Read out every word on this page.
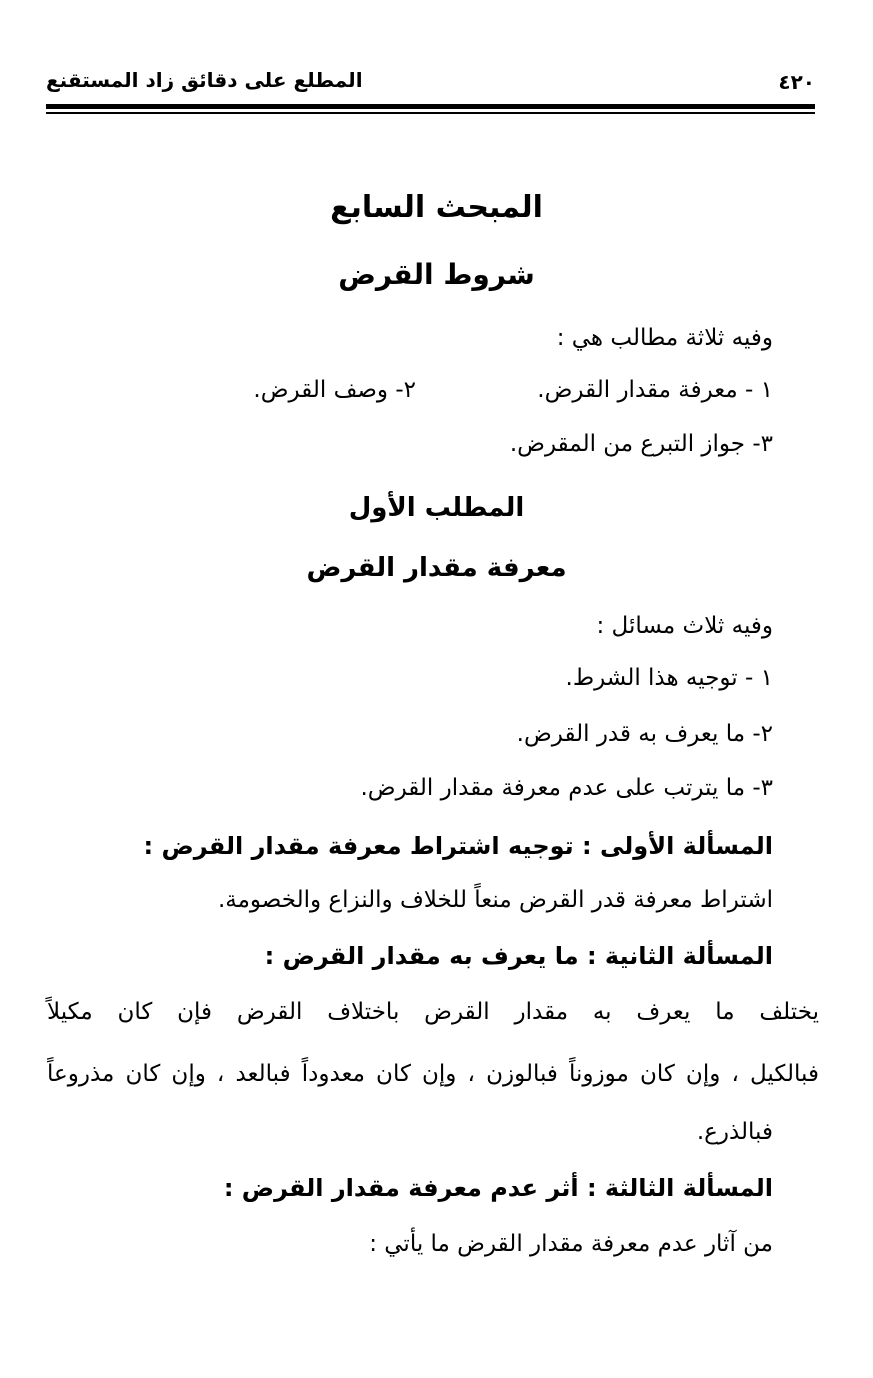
٤٢٠
المطلع على دقائق زاد المستقنع
المبحث السابع
شروط القرض
وفيه ثلاثة مطالب هي :
١ - معرفة مقدار القرض.
٢- وصف القرض.
٣- جواز التبرع من المقرض.
المطلب الأول
معرفة مقدار القرض
وفيه ثلاث مسائل :
١ - توجيه هذا الشرط.
٢- ما يعرف به قدر القرض.
٣- ما يترتب على عدم معرفة مقدار القرض.
المسألة الأولى : توجيه اشتراط معرفة مقدار القرض :
اشتراط معرفة قدر القرض منعاً للخلاف والنزاع والخصومة.
المسألة الثانية : ما يعرف به مقدار القرض :
يختلف ما يعرف به مقدار القرض باختلاف القرض فإن كان مكيلاً
فبالكيل ، وإن كان موزوناً فبالوزن ، وإن كان معدوداً فبالعد ، وإن كان مذروعاً
فبالذرع.
المسألة الثالثة : أثر عدم معرفة مقدار القرض :
من آثار عدم معرفة مقدار القرض ما يأتي :
